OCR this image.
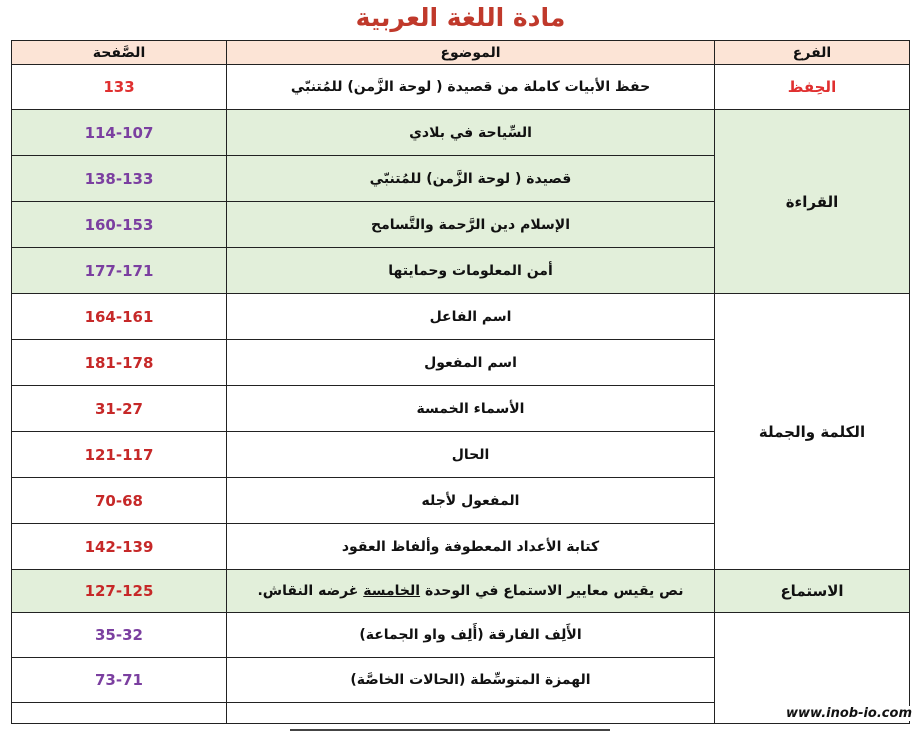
مادة اللغة العربية
الفرع	الموضوع	الصَّفحة
الحِفظ	حفظ الأبيات كاملة من قصيدة ( لوحة الزَّمن) للمُتنبّي	133
القراءة	السِّياحة في بلادي	114-107
	قصيدة ( لوحة الزَّمن) للمُتنبّي	138-133
	الإسلام دين الرَّحمة والتَّسامح	160-153
	أمن المعلومات وحمايتها	177-171
الكلمة والجملة	اسم الفاعل	164-161
	اسم المفعول	181-178
	الأسماء الخمسة	31-27
	الحال	121-117
	المفعول لأجله	70-68
	كتابة الأعداد المعطوفة وألفاظ العقود	142-139
الاستماع	نص يقيس معايير الاستماع في الوحدة الخامسة غرضه النقاش.	127-125
	الأَلِف الفارقة (أَلِف واو الجماعة)	35-32
	الهمزة المتوسِّطة (الحالات الخاصَّة)	73-71

www.inob-io.com
